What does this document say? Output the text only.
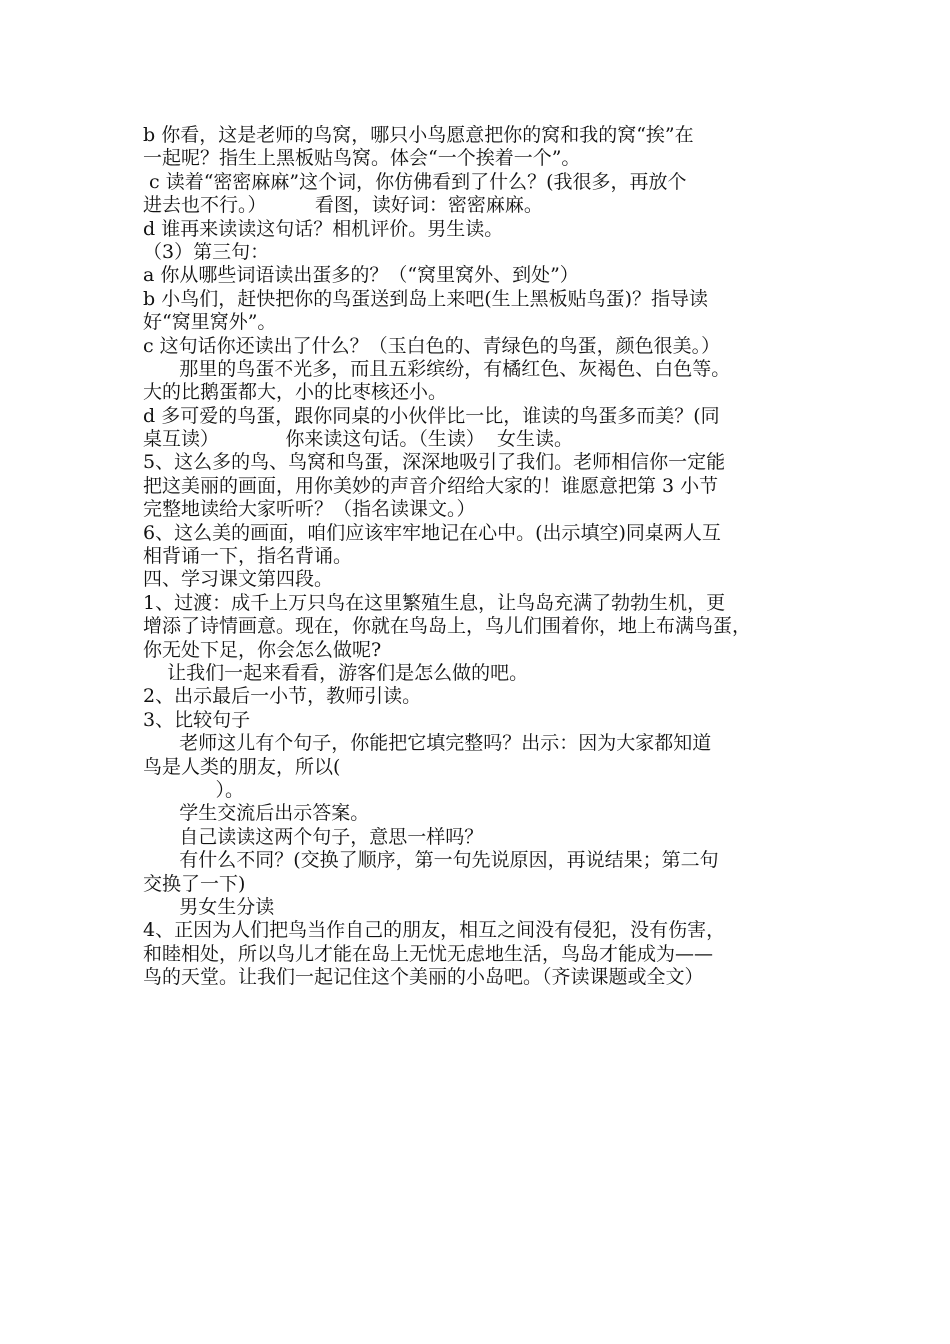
b 你看，这是老师的鸟窝，哪只小鸟愿意把你的窝和我的窝“挨”在
一起呢？指生上黑板贴鸟窝。体会“一个挨着一个”。
c 读着“密密麻麻”这个词，你仿佛看到了什么？(我很多，再放个
进去也不行。）        看图，读好词：密密麻麻。
d 谁再来读读这句话？相机评价。男生读。
（3）第三句：
a 你从哪些词语读出蛋多的？（“窝里窝外、到处”）
b 小鸟们，赶快把你的鸟蛋送到岛上来吧(生上黑板贴鸟蛋)？指导读
好“窝里窝外”。
c 这句话你还读出了什么？（玉白色的、青绿色的鸟蛋，颜色很美。）
那里的鸟蛋不光多，而且五彩缤纷，有橘红色、灰褐色、白色等。
大的比鹅蛋都大，小的比枣核还小。
d 多可爱的鸟蛋，跟你同桌的小伙伴比一比，谁读的鸟蛋多而美？(同
桌互读）           你来读这句话。（生读）  女生读。
5、这么多的鸟、鸟窝和鸟蛋，深深地吸引了我们。老师相信你一定能
把这美丽的画面，用你美妙的声音介绍给大家的！谁愿意把第 3 小节
完整地读给大家听听？（指名读课文。）
6、这么美的画面，咱们应该牢牢地记在心中。(出示填空)同桌两人互
相背诵一下，指名背诵。
四、学习课文第四段。
1、过渡：成千上万只鸟在这里繁殖生息，让鸟岛充满了勃勃生机，更
增添了诗情画意。现在，你就在鸟岛上，鸟儿们围着你，地上布满鸟蛋，
你无处下足，你会怎么做呢?
让我们一起来看看，游客们是怎么做的吧。
2、出示最后一小节，教师引读。
3、比较句子
老师这儿有个句子，你能把它填完整吗？出示：因为大家都知道
鸟是人类的朋友，所以(
）。
学生交流后出示答案。
自己读读这两个句子，意思一样吗？
有什么不同？(交换了顺序，第一句先说原因，再说结果；第二句
交换了一下)
男女生分读
4、正因为人们把鸟当作自己的朋友，相互之间没有侵犯，没有伤害，
和睦相处，所以鸟儿才能在岛上无忧无虑地生活，鸟岛才能成为——
鸟的天堂。让我们一起记住这个美丽的小岛吧。（齐读课题或全文）
